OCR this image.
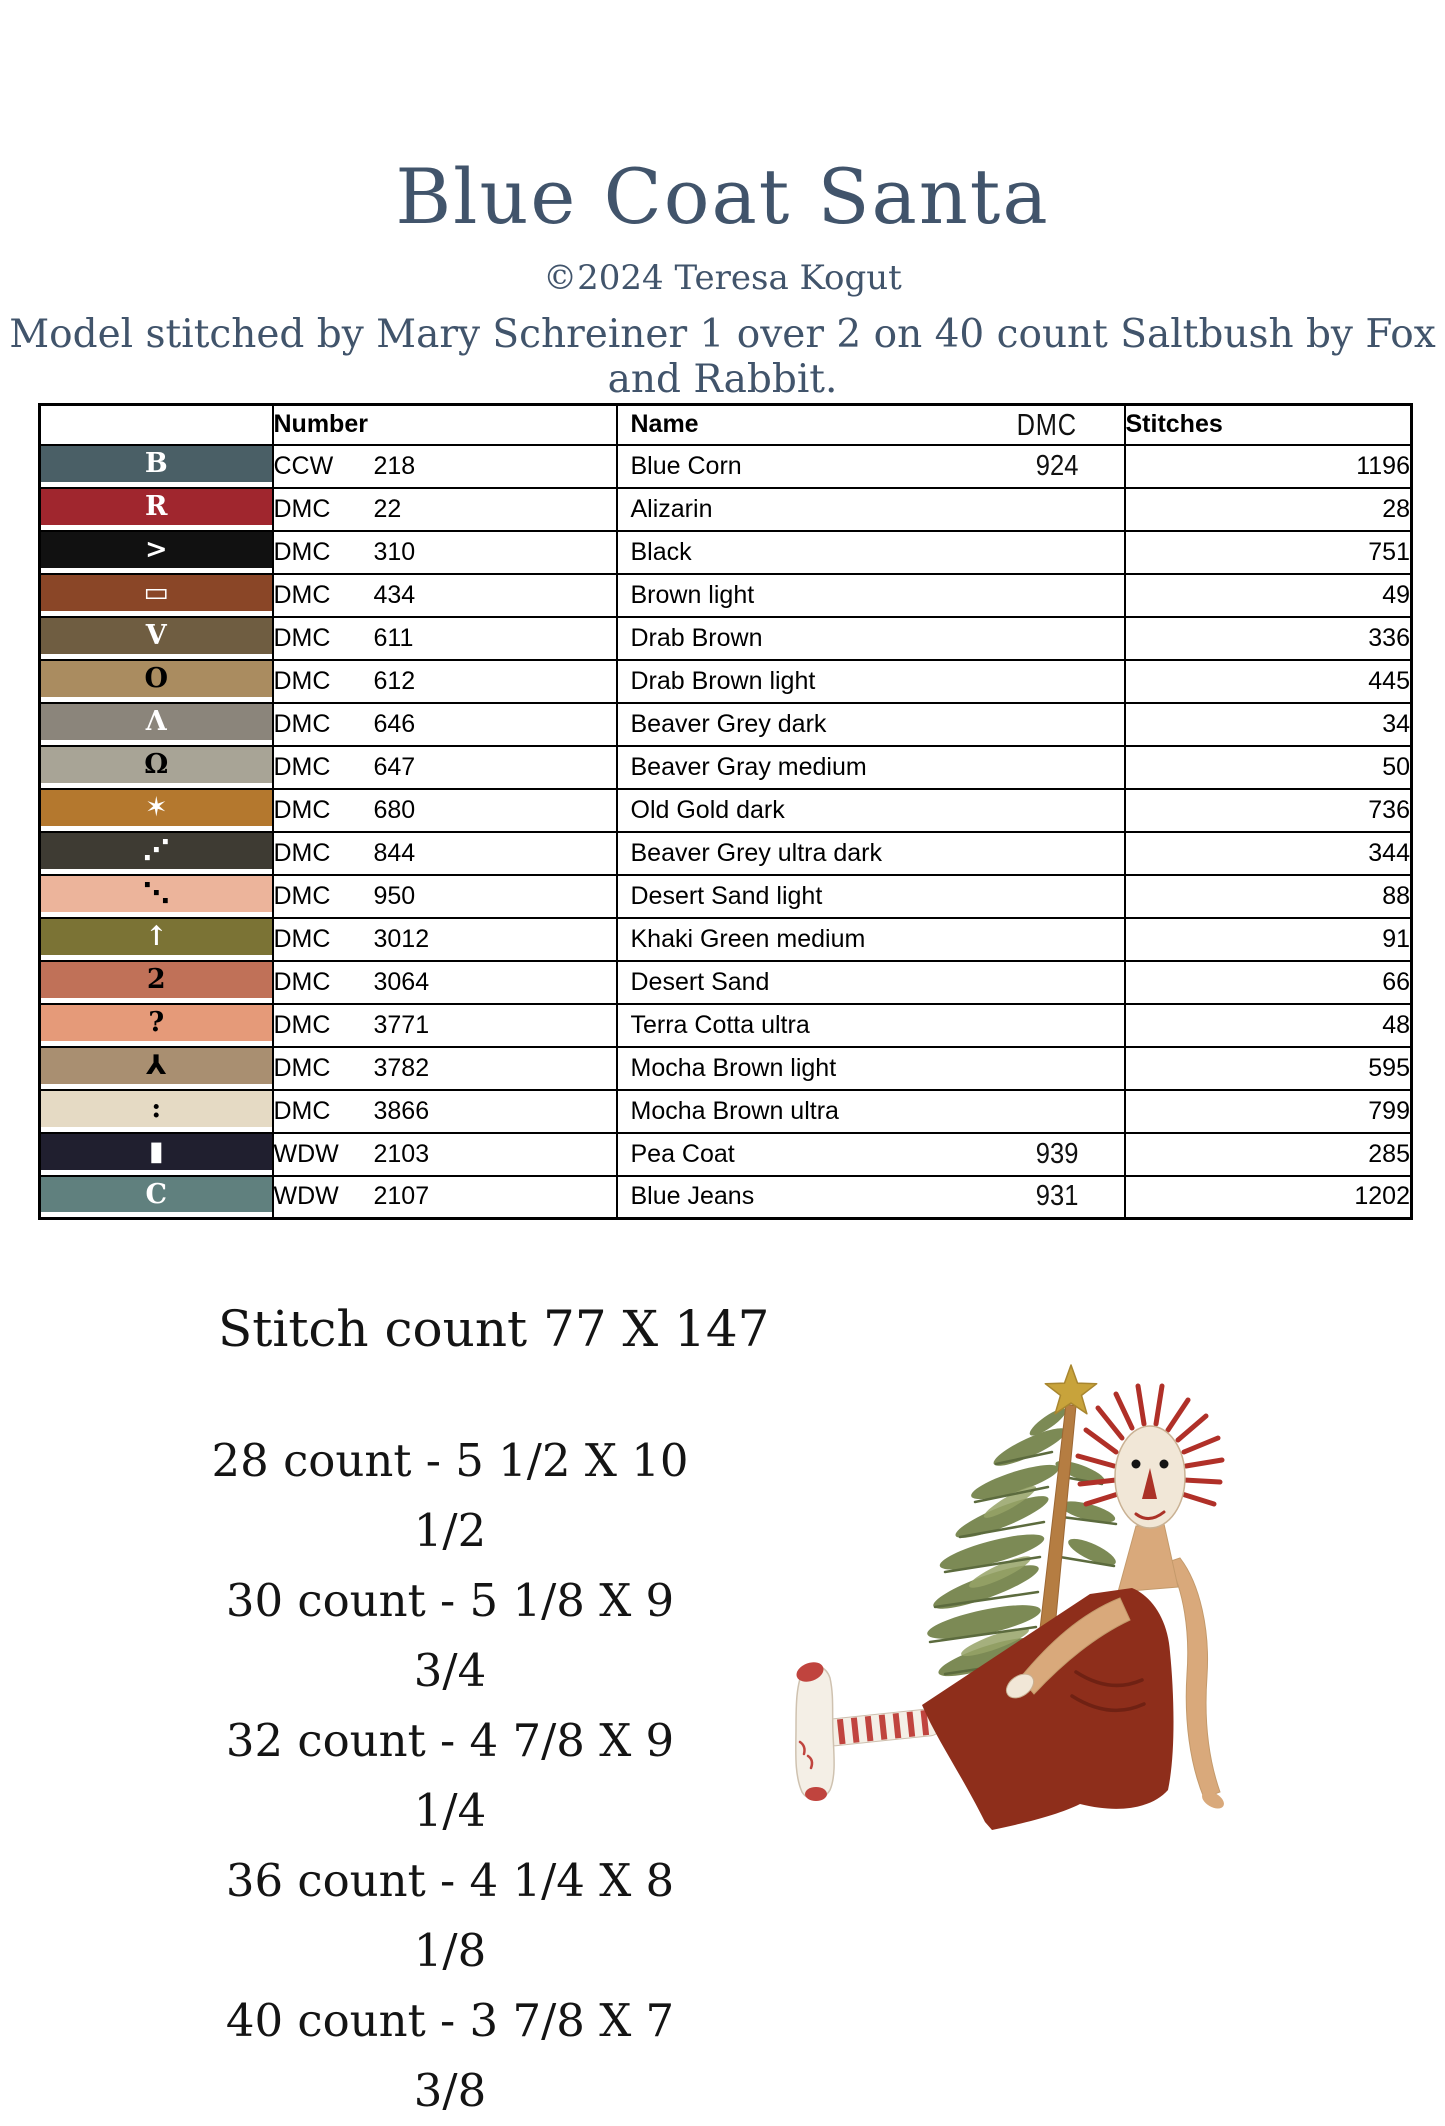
Blue Coat Santa
©2024 Teresa Kogut
Model stitched by Mary Schreiner 1 over 2 on 40 count Saltbush by Fox and Rabbit.
	Number	Name DMC	Stitches

B	CCW 218	Blue Corn 924	1196

R	DMC 22	Alizarin	28

>	DMC 310	Black	751

▭	DMC 434	Brown light	49

V	DMC 611	Drab Brown	336

O	DMC 612	Drab Brown light	445

Λ	DMC 646	Beaver Grey dark	34

Ω	DMC 647	Beaver Gray medium	50

✶	DMC 680	Old Gold dark	736

⋰	DMC 844	Beaver Grey ultra dark	344

⋱	DMC 950	Desert Sand light	88

↑	DMC 3012	Khaki Green medium	91

2	DMC 3064	Desert Sand	66

?	DMC 3771	Terra Cotta ultra	48

⅄	DMC 3782	Mocha Brown light	595

:	DMC 3866	Mocha Brown ultra	799

▮	WDW 2103	Pea Coat 939	285

C	WDW 2107	Blue Jeans 931	1202
Stitch count 77 X 147
28 count - 5 1/2 X 10 1/2
30 count - 5 1/8 X 9 3/4
32 count - 4 7/8 X 9 1/4
36 count - 4 1/4 X 8 1/8
40 count - 3 7/8 X 7 3/8
